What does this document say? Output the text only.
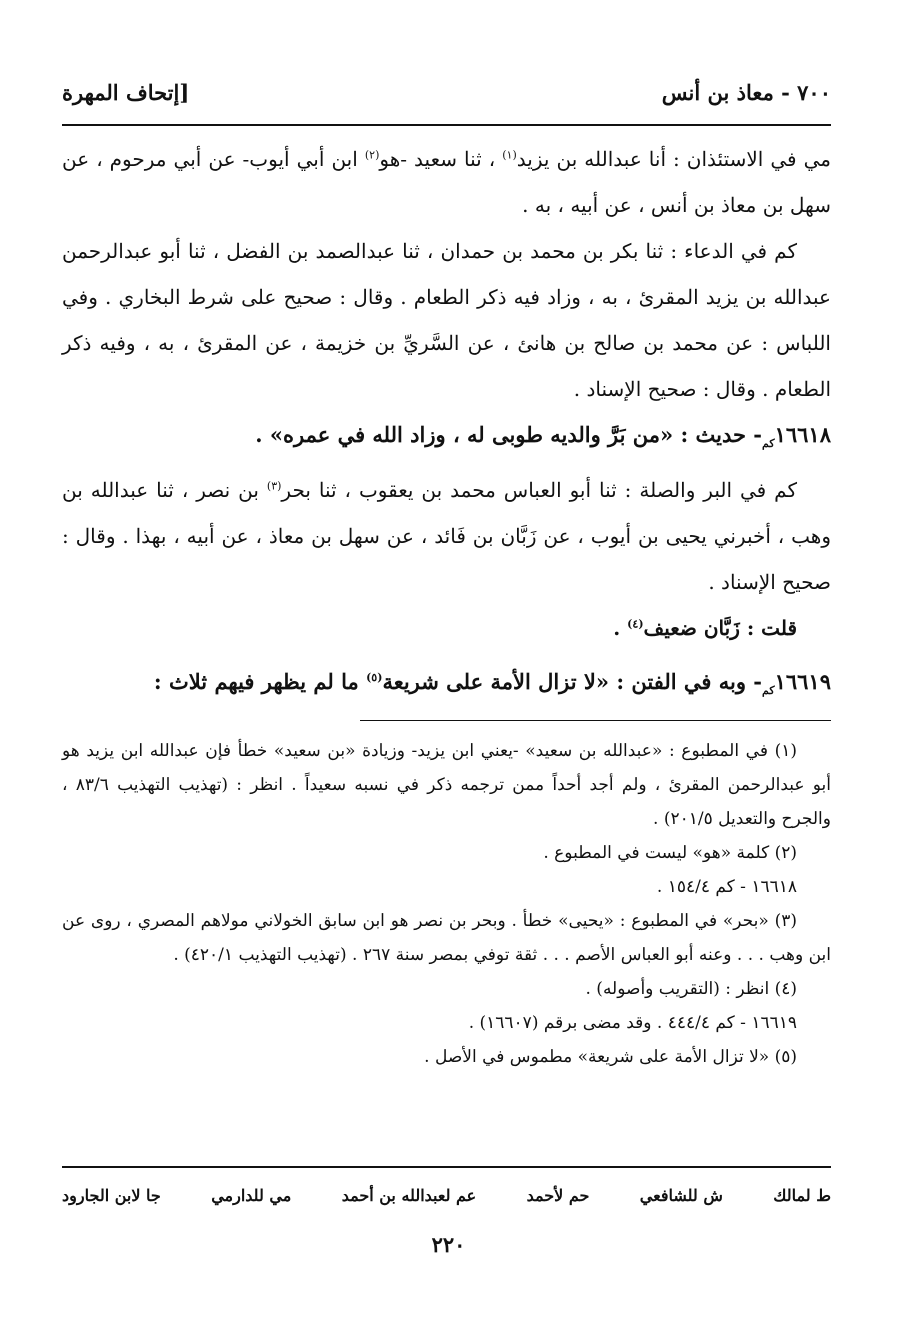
٧٠٠ - معاذ بن أنس
[إتحاف المهرة

مي في الاستئذان : أنا عبدالله بن يزيد$^{(١)}$ ، ثنا سعيد -هو$^{(٢)}$ ابن أبي أيوب- عن أبي مرحوم ، عن سهل بن معاذ بن أنس ، عن أبيه ، به .

كم في الدعاء : ثنا بكر بن محمد بن حمدان ، ثنا عبدالصمد بن الفضل ، ثنا أبو عبدالرحمن عبدالله بن يزيد المقرئ ، به ، وزاد فيه ذكر الطعام . وقال : صحيح على شرط البخاري . وفي اللباس : عن محمد بن صالح بن هانئ ، عن السَّريِّ بن خزيمة ، عن المقرئ ، به ، وفيه ذكر الطعام . وقال : صحيح الإسناد .

$١٦٦١٨_{كم}-$ حديث : «من بَرَّ والديه طوبى له ، وزاد الله في عمره» .

كم في البر والصلة : ثنا أبو العباس محمد بن يعقوب ، ثنا بحر$^{(٣)}$ بن نصر ، ثنا عبدالله بن وهب ، أخبرني يحيى بن أيوب ، عن زَبَّان بن فَائد ، عن سهل بن معاذ ، عن أبيه ، بهذا . وقال : صحيح الإسناد .

قلت : زَبَّان ضعيف$^{(٤)}$ .

$١٦٦١٩_{كم}-$ وبه في الفتن : «لا تزال الأمة على شريعة$^{(٥)}$ ما لم يظهر فيهم ثلاث :

(١) في المطبوع : «عبدالله بن سعيد» -يعني ابن يزيد- وزيادة «بن سعيد» خطأ فإن عبدالله ابن يزيد هو أبو عبدالرحمن المقرئ ، ولم أجد أحداً ممن ترجمه ذكر في نسبه سعيداً . انظر : (تهذيب التهذيب ٨٣/٦ ، والجرح والتعديل ٢٠١/٥) .

(٢) كلمة «هو» ليست في المطبوع .

١٦٦١٨ - كم ١٥٤/٤ .

(٣) «بحر» في المطبوع : «يحيى» خطأ . وبحر بن نصر هو ابن سابق الخولاني مولاهم المصري ، روى عن ابن وهب . . . وعنه أبو العباس الأصم . . . ثقة توفي بمصر سنة ٢٦٧ . (تهذيب التهذيب ٤٢٠/١) .

(٤) انظر : (التقريب وأصوله) .

١٦٦١٩ - كم ٤٤٤/٤ . وقد مضى برقم (١٦٦٠٧) .

(٥) «لا تزال الأمة على شريعة» مطموس في الأصل .

ط لمالك
ش للشافعي
حم لأحمد
عم لعبدالله بن أحمد
مي للدارمي
جا لابن الجارود
٢٢٠
